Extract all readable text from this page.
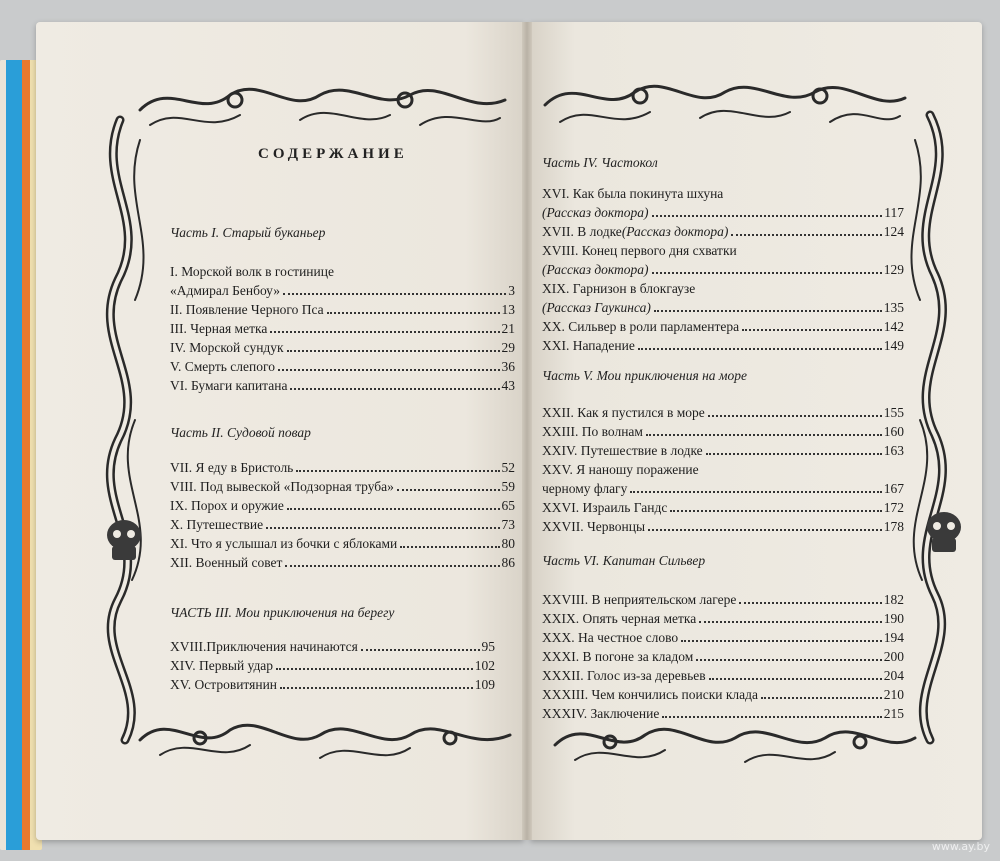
СОДЕРЖАНИЕ
Часть I. Старый буканьер
I. Морской волк в гостинице
«Адмирал Бенбоу»	3
II. Появление Черного Пса	13
III. Черная метка	21
IV. Морской сундук	29
V. Смерть слепого	36
VI. Бумаги капитана	43
Часть II. Судовой повар
VII. Я еду в Бристоль	52
VIII. Под вывеской «Подзорная труба»	59
IX. Порох и оружие	65
X. Путешествие	73
XI. Что я услышал из бочки с яблоками	80
XII. Военный совет	86
ЧАСТЬ III. Мои приключения на берегу
XVIII.Приключения начинаются	95
XIV. Первый удар	102
XV. Островитянин	109
Часть IV. Частокол
XVI. Как была покинута шхуна
(Рассказ доктора)	117
XVII. В лодке (Рассказ доктора)	124
XVIII. Конец первого дня схватки
(Рассказ доктора)	129
XIX. Гарнизон в блокгаузе
(Рассказ Гаукинса)	135
XX. Сильвер в роли парламентера	142
XXI. Нападение	149
Часть V. Мои приключения на море
XXII. Как я пустился в море	155
XXIII. По волнам	160
XXIV. Путешествие в лодке	163
XXV. Я наношу поражение
черному флагу	167
XXVI. Израиль Гандс	172
XXVII. Червонцы	178
Часть VI. Капитан Сильвер
XXVIII. В неприятельском лагере	182
XXIX. Опять черная метка	190
XXX. На честное слово	194
XXXI. В погоне за кладом	200
XXXII. Голос из-за деревьев	204
XXXIII. Чем кончились поиски клада	210
XXXIV. Заключение	215
www.ay.by
